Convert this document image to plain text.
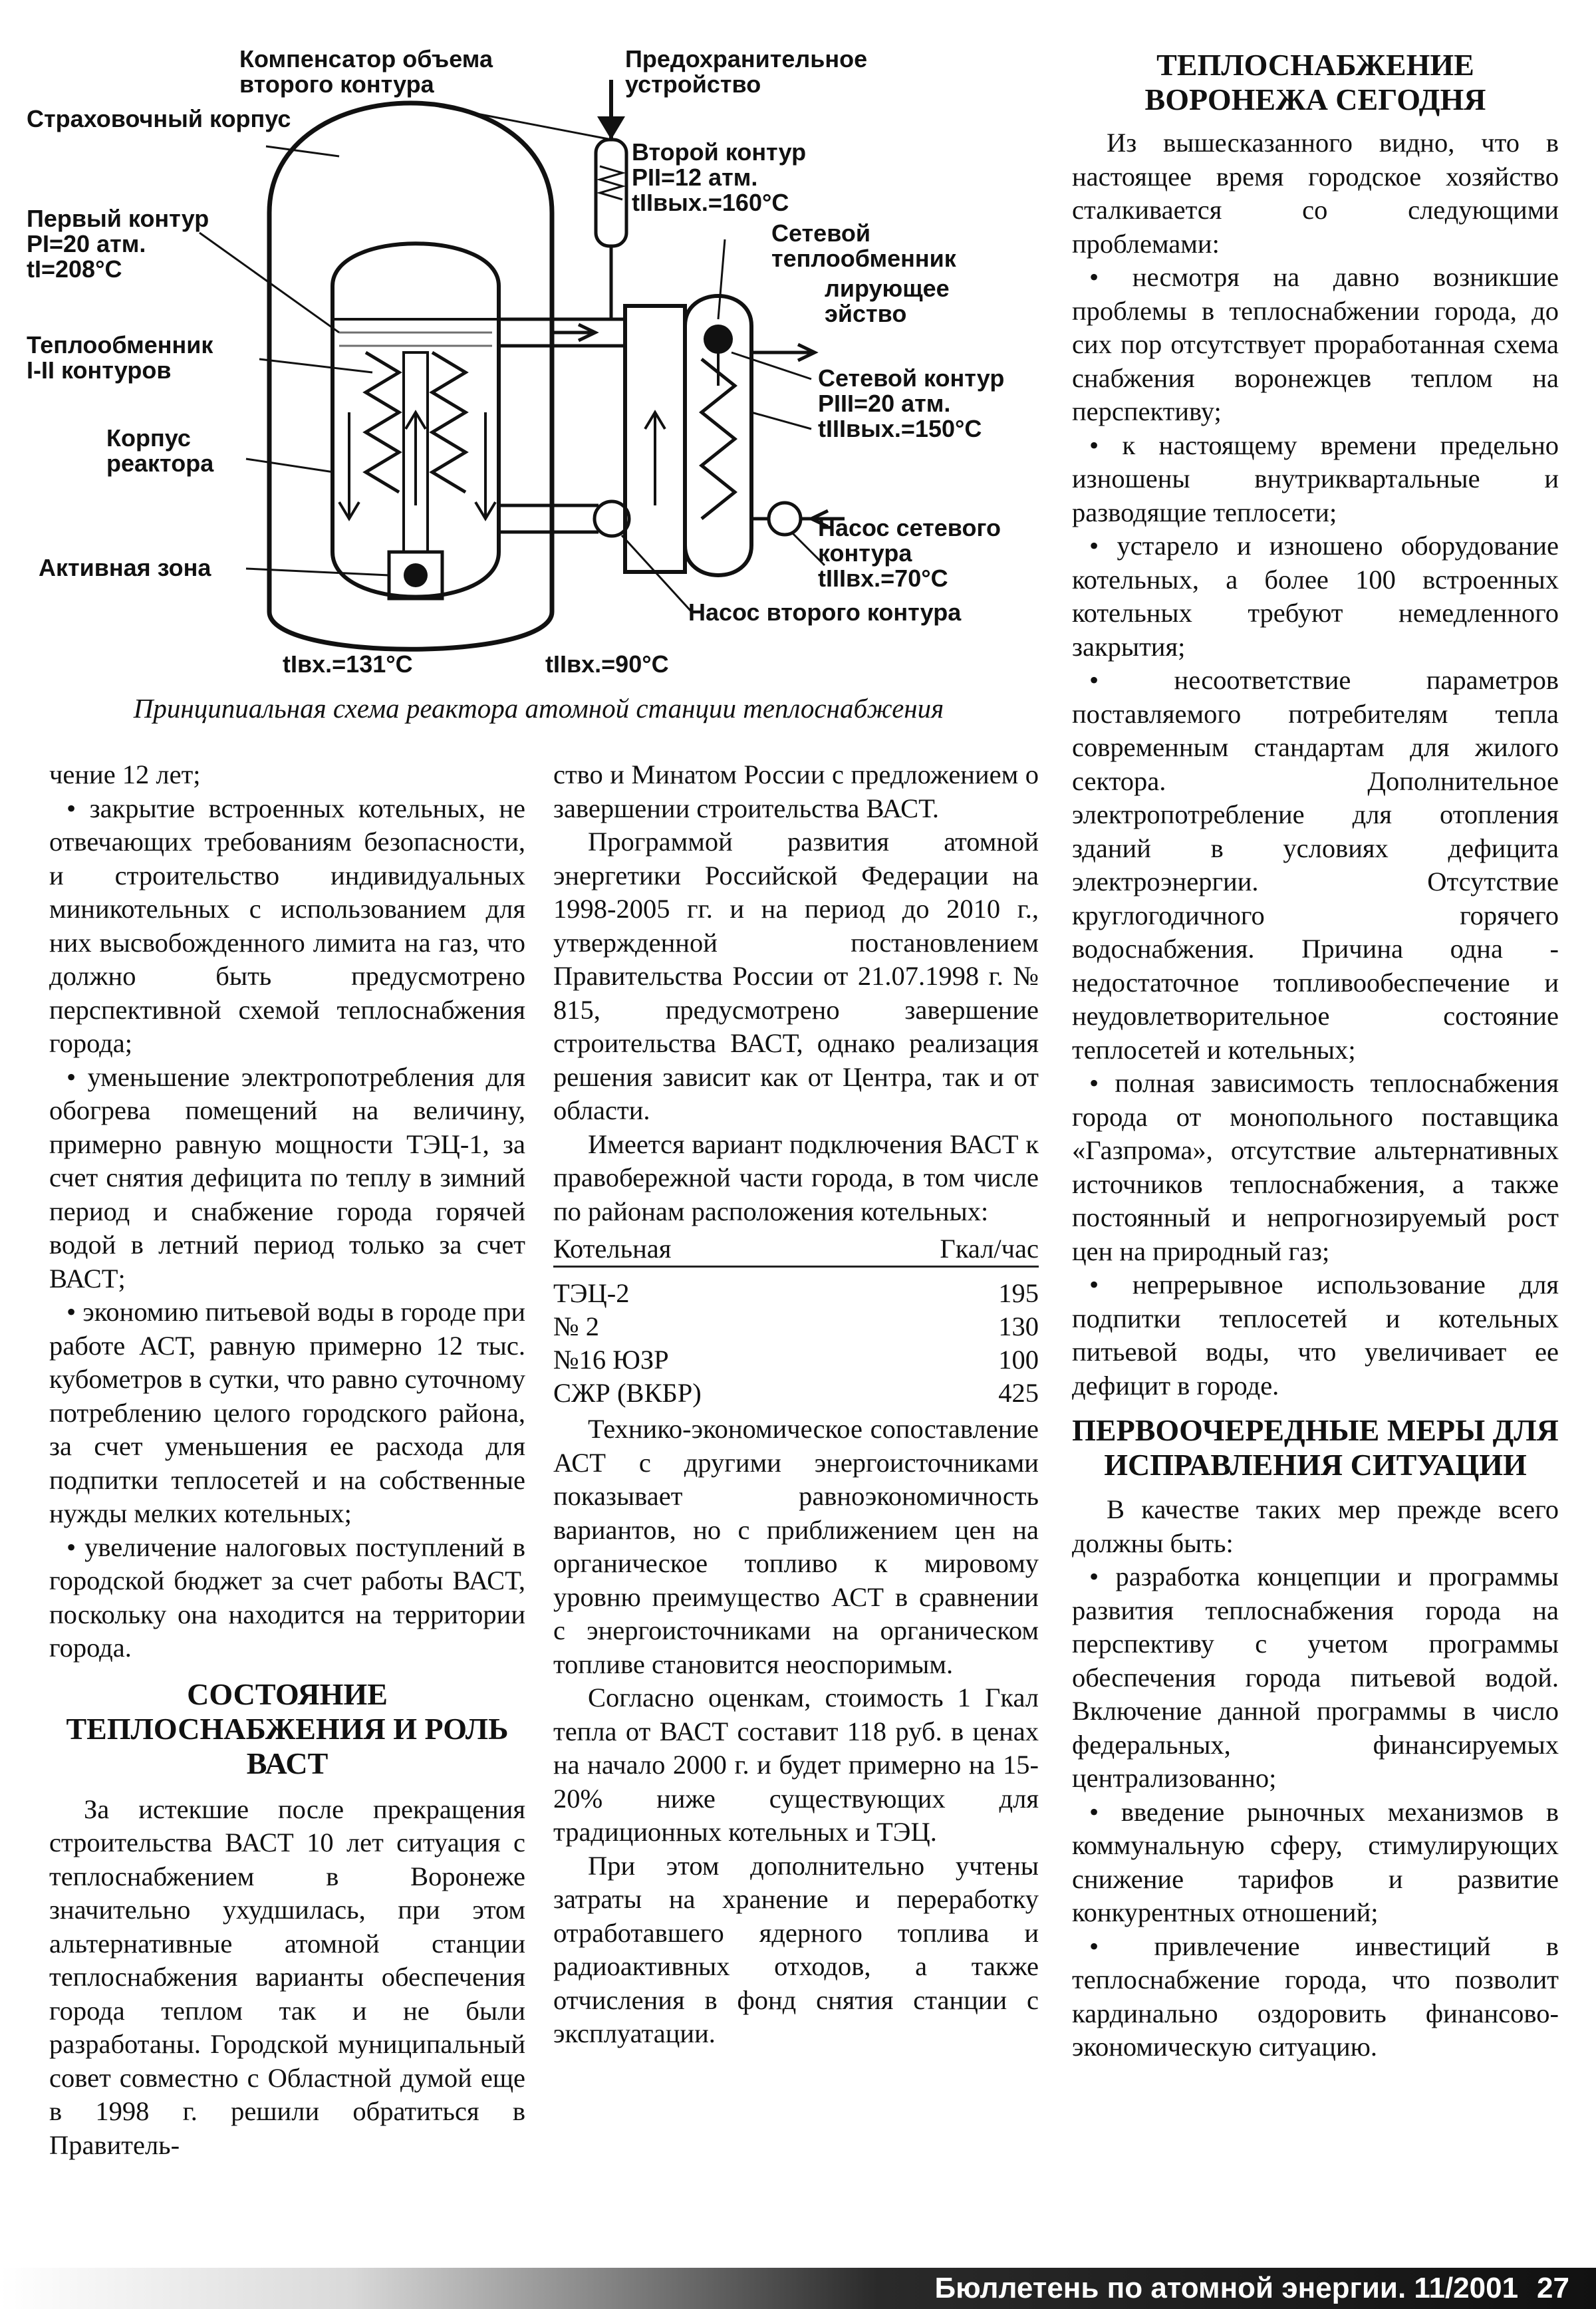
Компенсатор объема
второго контура
Предохранительное
устройство
Страховочный корпус
Второй контур
PII=12 атм.
tIIвых.=160°С
Первый контур
PI=20 атм.
tI=208°С
Сетевой
теплообменник
лирующее
эйство
Теплообменник
I-II контуров	Сетевой контур
PIII=20 атм.
tIIIвых.=150°С
Корпус
реактора
Насос сетевого
контура
tIIIвх.=70°С
Активная зона
Насос второго контура
tIвх.=131°С	tIIвх.=90°С
Принципиальная схема реактора атомной станции теплоснабжения

чение 12 лет;

• закрытие встроенных котельных, не отвечающих требованиям безопасности, и строительство индивидуальных миникотельных с использованием для них высвобожденного лимита на газ, что должно быть предусмотрено перспективной схемой теплоснабжения города;

• уменьшение электропотребления для обогрева помещений на величину, примерно равную мощности ТЭЦ-1, за счет снятия дефицита по теплу в зимний период и снабжение города горячей водой в летний период только за счет ВАСТ;

• экономию питьевой воды в городе при работе АСТ, равную примерно 12 тыс. кубометров в сутки, что равно суточному потреблению целого городского района, за счет уменьшения ее расхода для подпитки теплосетей и на собственные нужды мелких котельных;

• увеличение налоговых поступлений в городской бюджет за счет работы ВАСТ, поскольку она находится на территории города.

СОСТОЯНИЕ ТЕПЛОСНАБЖЕНИЯ И РОЛЬ ВАСТ

За истекшие после прекращения строительства ВАСТ 10 лет ситуация с теплоснабжением в Воронеже значительно ухудшилась, при этом альтернативные атомной станции теплоснабжения варианты обеспечения города теплом так и не были разработаны. Городской муниципальный совет совместно с Областной думой еще в 1998 г. решили обратиться в Правитель-

ство и Минатом России с предложением о завершении строительства ВАСТ.

Программой развития атомной энергетики Российской Федерации на 1998-2005 гг. и на период до 2010 г., утвержденной постановлением Правительства России от 21.07.1998 г. № 815, предусмотрено завершение строительства ВАСТ, однако реализация решения зависит как от Центра, так и от области.

Имеется вариант подключения ВАСТ к правобережной части города, в том числе по районам расположения котельных:

Котельная	Гкал/час
ТЭЦ-2	195
№ 2	130
№16 ЮЗР	100
СЖР (ВКБР)	425

Технико-экономическое сопоставление АСТ с другими энергоисточниками показывает равноэкономичность вариантов, но с приближением цен на органическое топливо к мировому уровню преимущество АСТ в сравнении с энергоисточниками на органическом топливе становится неоспоримым.

Согласно оценкам, стоимость 1 Гкал тепла от ВАСТ составит 118 руб. в ценах на начало 2000 г. и будет примерно на 15-20% ниже существующих для традиционных котельных и ТЭЦ.

При этом дополнительно учтены затраты на хранение и переработку отработавшего ядерного топлива и радиоактивных отходов, а также отчисления в фонд снятия станции с эксплуатации.

ТЕПЛОСНАБЖЕНИЕ ВОРОНЕЖА СЕГОДНЯ

Из вышесказанного видно, что в настоящее время городское хозяйство сталкивается со следующими проблемами:

• несмотря на давно возникшие проблемы в теплоснабжении города, до сих пор отсутствует проработанная схема снабжения воронежцев теплом на перспективу;

• к настоящему времени предельно изношены внутриквартальные и разводящие теплосети;

• устарело и изношено оборудование котельных, а более 100 встроенных котельных требуют немедленного закрытия;

• несоответствие параметров поставляемого потребителям тепла современным стандартам для жилого сектора. Дополнительное электропотребление для отопления зданий в условиях дефицита электроэнергии. Отсутствие круглогодичного горячего водоснабжения. Причина одна - недостаточное топливообеспечение и неудовлетворительное состояние теплосетей и котельных;

• полная зависимость теплоснабжения города от монопольного поставщика «Газпрома», отсутствие альтернативных источников теплоснабжения, а также постоянный и непрогнозируемый рост цен на природный газ;

• непрерывное использование для подпитки теплосетей и котельных питьевой воды, что увеличивает ее дефицит в городе.

ПЕРВООЧЕРЕДНЫЕ МЕРЫ ДЛЯ ИСПРАВЛЕНИЯ СИТУАЦИИ

В качестве таких мер прежде всего должны быть:

• разработка концепции и программы развития теплоснабжения города на перспективу с учетом программы обеспечения города питьевой водой. Включение данной программы в число федеральных, финансируемых централизованно;

• введение рыночных механизмов в коммунальную сферу, стимулирующих снижение тарифов и развитие конкурентных отношений;

• привлечение инвестиций в теплоснабжение города, что позволит кардинально оздоровить финансово-экономическую ситуацию.

Бюллетень по атомной энергии. 11/2001 27
